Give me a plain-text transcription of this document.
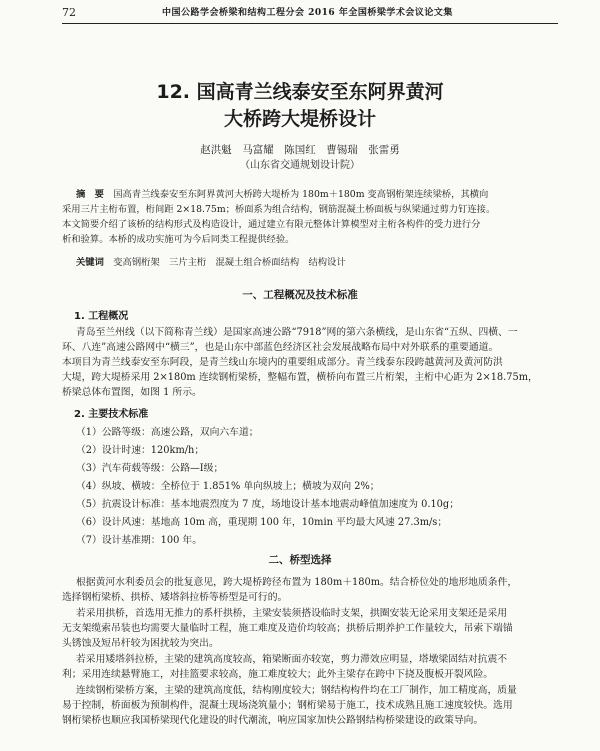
72	中国公路学会桥梁和结构工程分会 2016 年全国桥梁学术会议论文集
12. 国高青兰线泰安至东阿界黄河
大桥跨大堤桥设计
赵洪魁　马富耀　陈国红　曹锡瑞　张雷勇
（山东省交通规划设计院）
摘　要　 国高青兰线泰安至东阿界黄河大桥跨大堤桥为 180m＋180m 变高钢桁架连续梁桥，其横向
采用三片主桁布置，桁间距 2×18.75m；桥面系为组合结构，钢筋混凝土桥面板与纵梁通过剪力钉连接。
本文简要介绍了该桥的结构形式及构造设计，通过建立有限元整体计算模型对主桁各构件的受力进行分
析和验算。本桥的成功实施可为今后同类工程提供经验。
关键词　 变高钢桁架　三片主桁　混凝土组合桥面结构　结构设计
一、工程概况及技术标准
1. 工程概况
青岛至兰州线（以下简称青兰线）是国家高速公路“7918”网的第六条横线，是山东省“五纵、四横、一
环、八连”高速公路网中“横三”，也是山东中部蓝色经济区社会发展战略布局中对外联系的重要通道。
本项目为青兰线泰安至东阿段，是青兰线山东境内的重要组成部分。青兰线泰东段跨越黄河及黄河防洪
大堤，跨大堤桥采用 2×180m 连续钢桁梁桥，整幅布置，横桥向布置三片桁架，主桁中心距为 2×18.75m，
桥梁总体布置图，如图 1 所示。
2. 主要技术标准
（1）公路等级：高速公路，双向六车道；
（2）设计时速：120km/h；
（3）汽车荷载等级：公路—Ⅰ级；
（4）纵坡、横坡：全桥位于 1.851% 单向纵坡上；横坡为双向 2%；
（5）抗震设计标准：基本地震烈度为 7 度，场地设计基本地震动峰值加速度为 0.10g；
（6）设计风速：基地高 10m 高，重现期 100 年，10min 平均最大风速 27.3m/s；
（7）设计基准期：100 年。
二、桥型选择
根据黄河水利委员会的批复意见，跨大堤桥跨径布置为 180m＋180m。结合桥位处的地形地质条件，
选择钢桁梁桥、拱桥、矮塔斜拉桥等桥型是可行的。
若采用拱桥，首选用无推力的系杆拱桥，主梁安装须搭设临时支架，拱圈安装无论采用支架还是采用
无支架缆索吊装也均需要大量临时工程，施工难度及造价均较高；拱桥后期养护工作量较大，吊索下端锚
头锈蚀及短吊杆较为困扰较为突出。
若采用矮塔斜拉桥，主梁的建筑高度较高，箱梁断面亦较宽，剪力滞效应明显，塔墩梁固结对抗震不
利；采用连续悬臂施工，对挂篮要求较高，施工难度较大；此外主梁存在跨中下挠及腹板开裂风险。
连续钢桁梁桥方案，主梁的建筑高度低，结构刚度较大；钢结构构件均在工厂制作，加工精度高，质量
易于控制，桥面板为预制构件，混凝土现场浇筑量小；钢桁梁易于施工，技术成熟且施工速度较快。选用
钢桁梁桥也顺应我国桥梁现代化建设的时代潮流，响应国家加快公路钢结构桥梁建设的政策导向。
